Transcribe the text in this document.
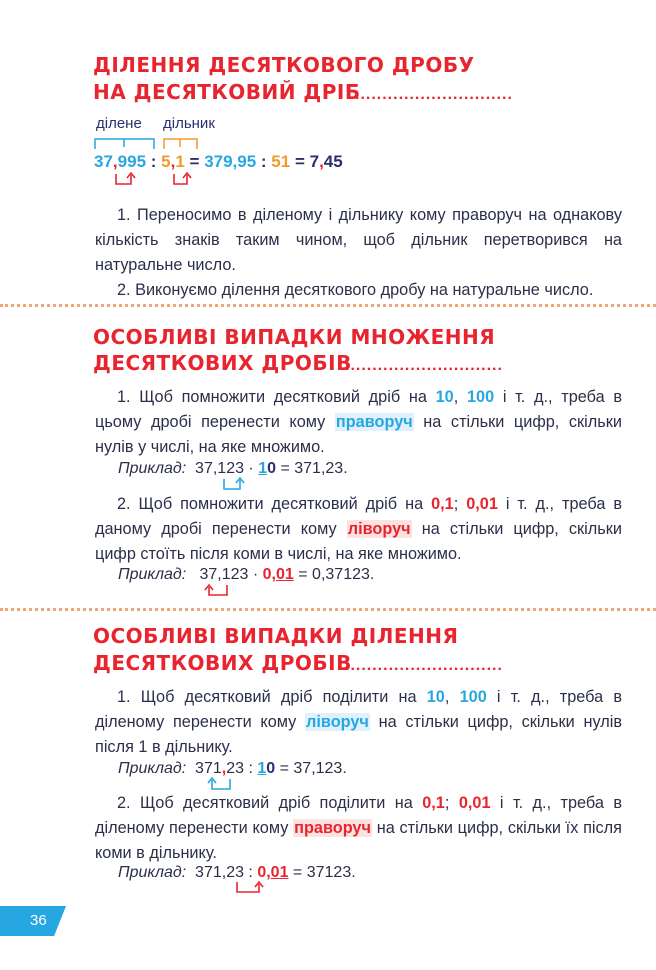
ДІЛЕННЯ ДЕСЯТКОВОГО ДРОБУ
НА ДЕСЯТКОВИЙ ДРІБ
.............................
ділене дільник
37,995 : 5,1 = 379,95 : 51 = 7,45

1. Переносимо в діленому і дільнику кому праворуч на однакову кількість знаків таким чином, щоб дільник перетворився на натуральне число.

2. Виконуємо ділення десяткового дробу на натуральне число.

ОСОБЛИВІ ВИПАДКИ МНОЖЕННЯ
ДЕСЯТКОВИХ ДРОБІВ
.............................

1. Щоб помножити десятковий дріб на 10, 100 і т. д., треба в цьому дробі перенести кому праворуч на стільки цифр, скільки нулів у числі, на яке множимо.

Приклад: 37,123 · 10 = 371,23.

2. Щоб помножити десятковий дріб на 0,1; 0,01 і т. д., треба в даному дробі перенести кому ліворуч на стільки цифр, скільки цифр стоїть після коми в числі, на яке множимо.

Приклад: 37,123 · 0,01 = 0,37123.
ОСОБЛИВІ ВИПАДКИ ДІЛЕННЯ
ДЕСЯТКОВИХ ДРОБІВ
.............................

1. Щоб десятковий дріб поділити на 10, 100 і т. д., треба в діленому перенести кому ліворуч на стільки цифр, скільки нулів після 1 в дільнику.

Приклад: 371,23 : 10 = 37,123.

2. Щоб десятковий дріб поділити на 0,1; 0,01 і т. д., треба в діленому перенести кому праворуч на стільки цифр, скільки їх після коми в дільнику.

Приклад: 371,23 : 0,01 = 37123.
36
